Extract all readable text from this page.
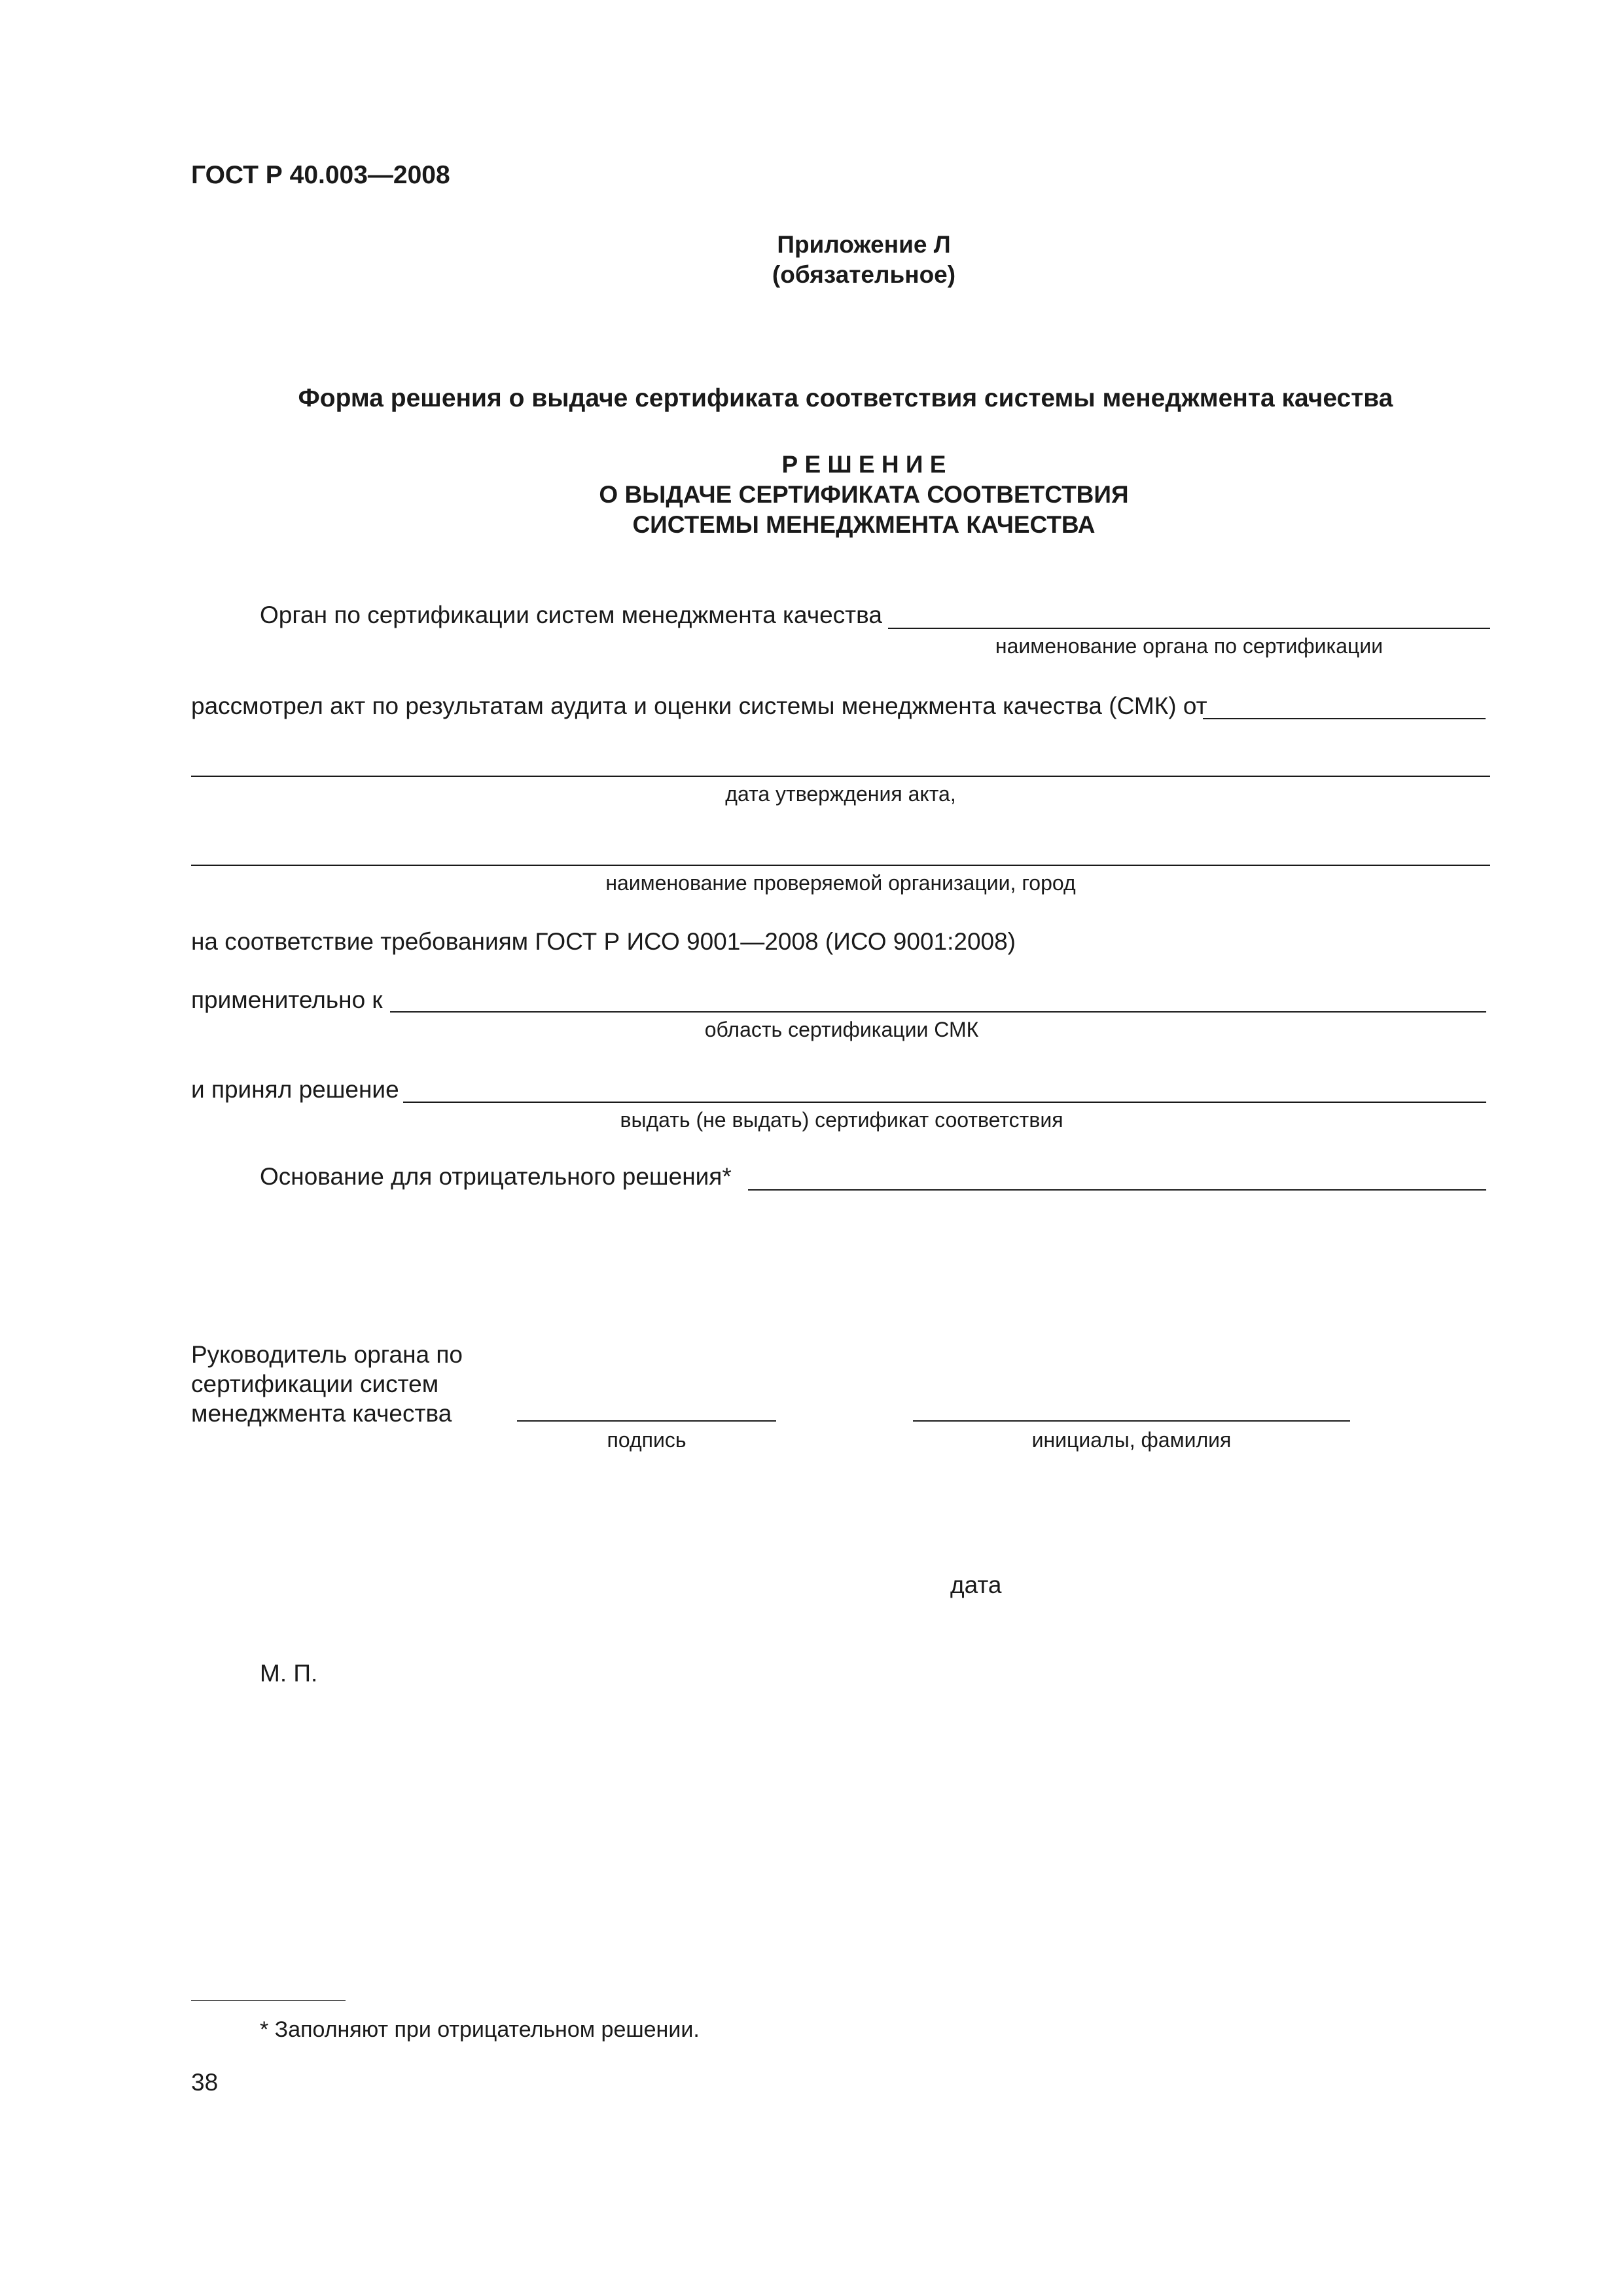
ГОСТ Р 40.003—2008
Приложение Л
(обязательное)
Форма решения о выдаче сертификата соответствия системы менеджмента качества
Р Е Ш Е Н И Е
О ВЫДАЧЕ СЕРТИФИКАТА СООТВЕТСТВИЯ
СИСТЕМЫ МЕНЕДЖМЕНТА КАЧЕСТВА
Орган по сертификации систем менеджмента качества
наименование органа по сертификации
рассмотрел акт по результатам аудита и оценки системы менеджмента качества (СМК) от
дата утверждения акта,
наименование проверяемой организации, город
на соответствие требованиям ГОСТ Р ИСО 9001—2008 (ИСО 9001:2008)
применительно к
область сертификации СМК
и принял решение
выдать (не выдать) сертификат соответствия
Основание для отрицательного решения*
Руководитель органа по
сертификации систем
менеджмента качества
подпись	инициалы, фамилия
дата
М. П.
* Заполняют при отрицательном решении.
38
